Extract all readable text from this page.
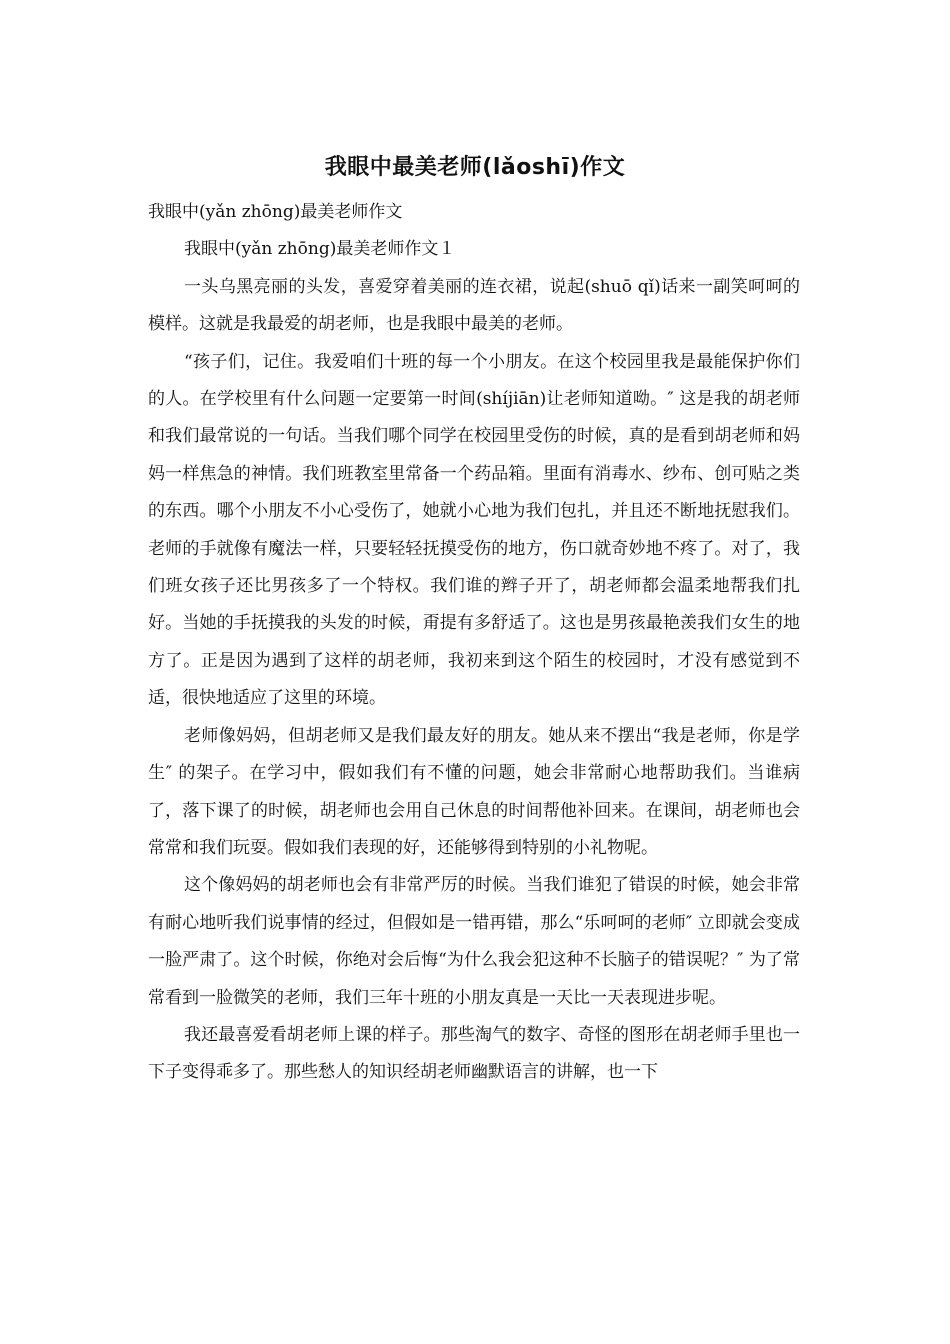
我眼中最美老师(lǎoshī)作文

我眼中(yǎn zhōng)最美老师作文

我眼中(yǎn zhōng)最美老师作文１

一头乌黑亮丽的头发，喜爱穿着美丽的连衣裙，说起(shuō qǐ)话来一副笑呵呵的模样。这就是我最爱的胡老师，也是我眼中最美的老师。

“孩子们，记住。我爱咱们十班的每一个小朋友。在这个校园里我是最能保护你们的人。在学校里有什么问题一定要第一时间(shíjiān)让老师知道呦。″ 这是我的胡老师和我们最常说的一句话。当我们哪个同学在校园里受伤的时候，真的是看到胡老师和妈妈一样焦急的神情。我们班教室里常备一个药品箱。里面有消毒水、纱布、创可贴之类的东西。哪个小朋友不小心受伤了，她就小心地为我们包扎，并且还不断地抚慰我们。老师的手就像有魔法一样，只要轻轻抚摸受伤的地方，伤口就奇妙地不疼了。对了，我们班女孩子还比男孩多了一个特权。我们谁的辫子开了，胡老师都会温柔地帮我们扎好。当她的手抚摸我的头发的时候，甭提有多舒适了。这也是男孩最艳羡我们女生的地方了。正是因为遇到了这样的胡老师，我初来到这个陌生的校园时，才没有感觉到不适，很快地适应了这里的环境。

老师像妈妈，但胡老师又是我们最友好的朋友。她从来不摆出“我是老师，你是学生″ 的架子。在学习中，假如我们有不懂的问题，她会非常耐心地帮助我们。当谁病了，落下课了的时候，胡老师也会用自己休息的时间帮他补回来。在课间，胡老师也会常常和我们玩耍。假如我们表现的好，还能够得到特别的小礼物呢。

这个像妈妈的胡老师也会有非常严厉的时候。当我们谁犯了错误的时候，她会非常有耐心地听我们说事情的经过，但假如是一错再错，那么“乐呵呵的老师″ 立即就会变成一脸严肃了。这个时候，你绝对会后悔“为什么我会犯这种不长脑子的错误呢？″ 为了常常看到一脸微笑的老师，我们三年十班的小朋友真是一天比一天表现进步呢。

我还最喜爱看胡老师上课的样子。那些淘气的数字、奇怪的图形在胡老师手里也一下子变得乖多了。那些愁人的知识经胡老师幽默语言的讲解，也一下
